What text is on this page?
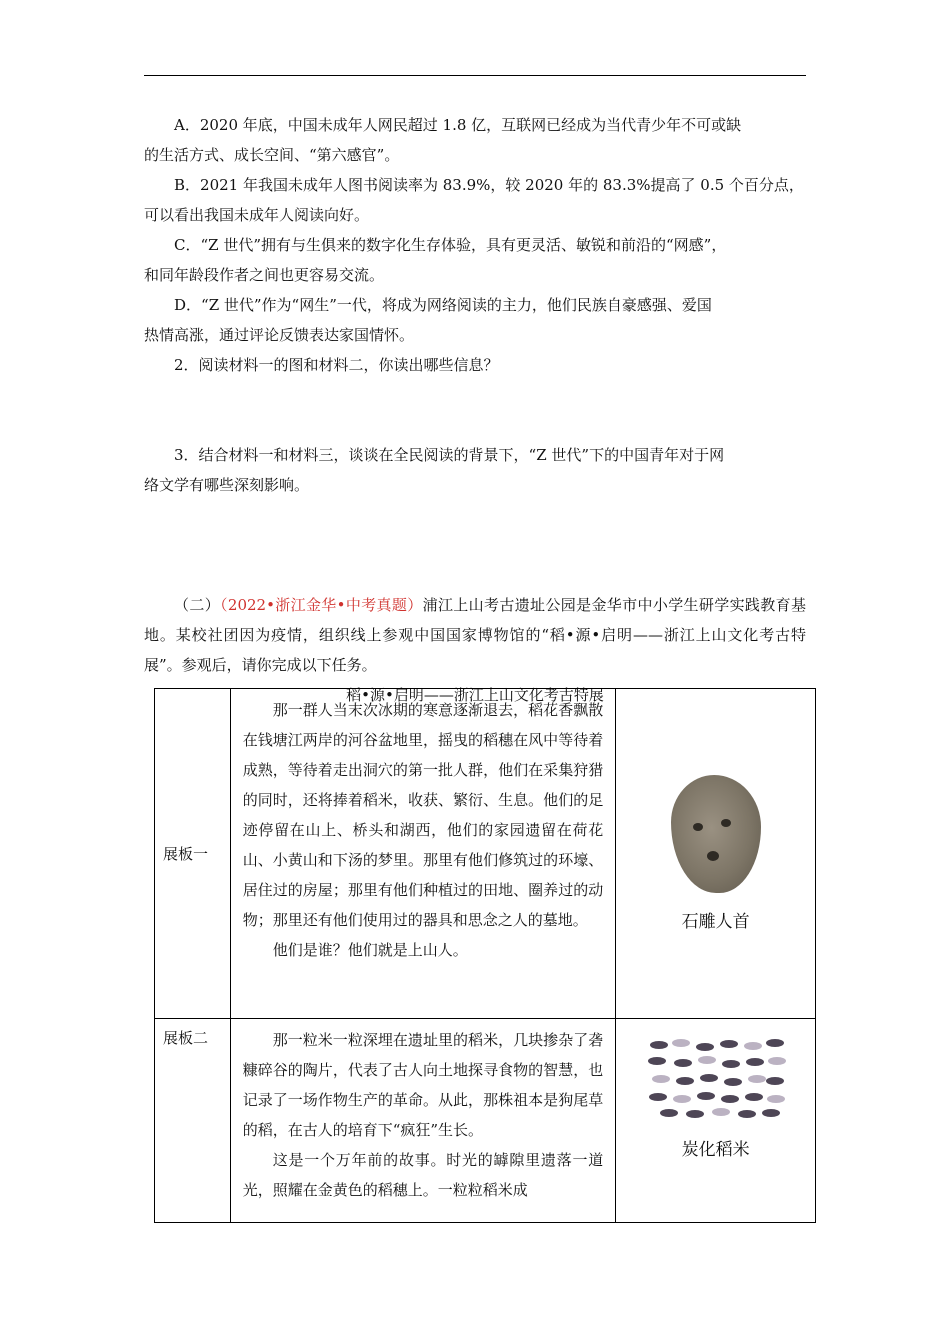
A．2020 年底，中国未成年人网民超过 1.8 亿，互联网已经成为当代青少年不可或缺

的生活方式、成长空间、“第六感官”。

B．2021 年我国未成年人图书阅读率为 83.9%，较 2020 年的 83.3%提高了 0.5 个百分点，

可以看出我国未成年人阅读向好。

C．“Z 世代”拥有与生俱来的数字化生存体验，具有更灵活、敏锐和前沿的“网感”，

和同年龄段作者之间也更容易交流。

D．“Z 世代”作为“网生”一代，将成为网络阅读的主力，他们民族自豪感强、爱国

热情高涨，通过评论反馈表达家国情怀。

2．阅读材料一的图和材料二，你读出哪些信息？

3．结合材料一和材料三，谈谈在全民阅读的背景下，“Z 世代”下的中国青年对于网

络文学有哪些深刻影响。

（二）（2022•浙江金华•中考真题）浦江上山考古遗址公园是金华市中小学生研学实践教育基地。某校社团因为疫情，组织线上参观中国国家博物馆的“稻•源•启明——浙江上山文化考古特展”。参观后，请你完成以下任务。

稻•源•启明——浙江上山文化考古特展

展板一	那一群人当末次冰期的寒意逐渐退去，稻花香飘散在钱塘江两岸的河谷盆地里，摇曳的稻穗在风中等待着成熟，等待着走出洞穴的第一批人群，他们在采集狩猎的同时，还将捧着稻米，收获、繁衍、生息。他们的足迹停留在山上、桥头和湖西，他们的家园遗留在荷花山、小黄山和下汤的梦里。那里有他们修筑过的环壕、居住过的房屋；那里有他们种植过的田地、圈养过的动物；那里还有他们使用过的器具和思念之人的墓地。

他们是谁？他们就是上山人。	石雕人首

展板二	那一粒米一粒深埋在遗址里的稻米，几块掺杂了砻糠碎谷的陶片，代表了古人向土地探寻食物的智慧，也记录了一场作物生产的革命。从此，那株祖本是狗尾草的稻，在古人的培育下“疯狂”生长。

这是一个万年前的故事。时光的罅隙里遗落一道光，照耀在金黄色的稻穗上。一粒粒稻米成	炭化稻米
